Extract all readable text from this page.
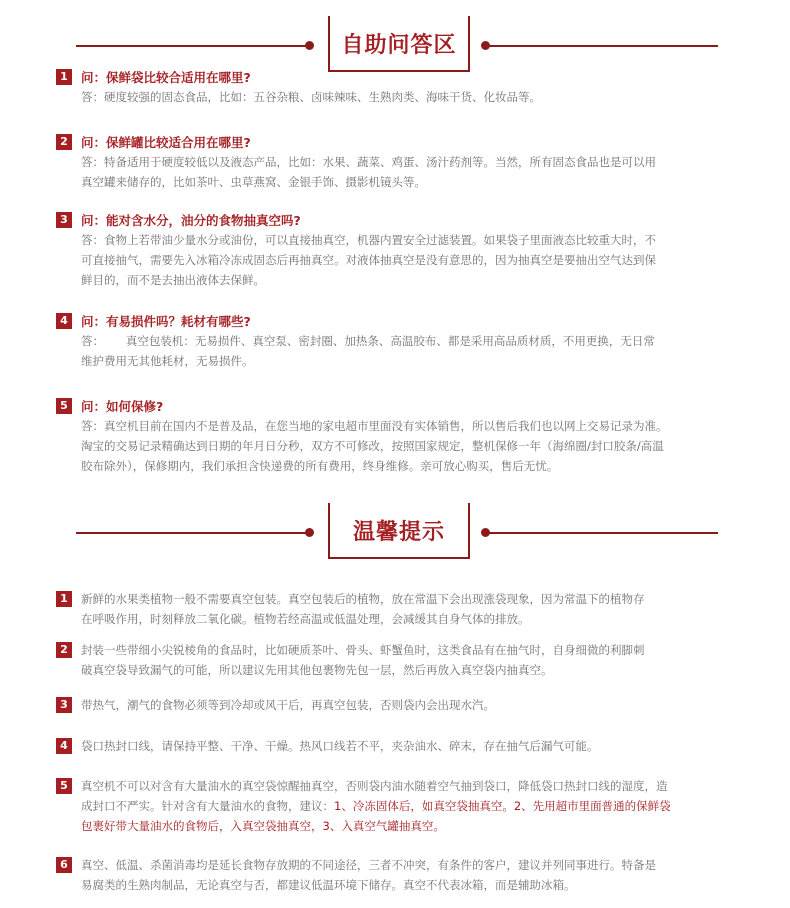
自助问答区
1	问：保鲜袋比较合适用在哪里?
答：硬度较强的固态食品，比如：五谷杂粮、卤味辣味、生熟肉类、海味干货、化妆品等。
2	问：保鲜罐比较适合用在哪里?
答：特备适用于硬度较低以及液态产品，比如：水果、蔬菜、鸡蛋、汤汁药剂等。当然，所有固态食品也是可以用
真空罐来储存的，比如茶叶、虫草燕窝、金银手饰、摄影机镜头等。
3	问：能对含水分，油分的食物抽真空吗?
答：食物上若带油少量水分或油份，可以直接抽真空，机器内置安全过滤装置。如果袋子里面液态比较重大时，不
可直接抽气，需要先入冰箱冷冻成固态后再抽真空。对液体抽真空是没有意思的，因为抽真空是要抽出空气达到保
鲜目的，而不是去抽出液体去保鲜。
4	问：有易损件吗？耗材有哪些?
答：      真空包装机：无易损件、真空泵、密封圈、加热条、高温胶布、都是采用高品质材质，不用更换，无日常
维护费用无其他耗材，无易损件。
5	问：如何保修?
答：真空机目前在国内不是普及品，在您当地的家电超市里面没有实体销售，所以售后我们也以网上交易记录为准。
淘宝的交易记录精确达到日期的年月日分秒，双方不可修改，按照国家规定，整机保修一年（海绵圈/封口胶条/高温
胶布除外），保修期内，我们承担含快递费的所有费用，终身维修。亲可放心购买，售后无忧。
温馨提示
1	新鲜的水果类植物一般不需要真空包装。真空包装后的植物，放在常温下会出现涨袋现象，因为常温下的植物存
在呼吸作用，时刻释放二氧化碳。植物若经高温或低温处理，会减缓其自身气体的排放。
2	封装一些带细小尖锐棱角的食品时，比如硬质茶叶、骨头、虾蟹鱼时，这类食品有在抽气时，自身细微的利脚刺
破真空袋导致漏气的可能，所以建议先用其他包裹物先包一层，然后再放入真空袋内抽真空。
3	带热气，潮气的食物必须等到冷却或风干后，再真空包装，否则袋内会出现水汽。
4	袋口热封口线，请保持平整、干净、干燥。热风口线若不平，夹杂油水、碎末，存在抽气后漏气可能。
5	真空机不可以对含有大量油水的真空袋惊醒抽真空，否则袋内油水随着空气抽到袋口，降低袋口热封口线的湿度，造
成封口不严实。针对含有大量油水的食物，建议：1、冷冻固体后，如真空袋抽真空。2、先用超市里面普通的保鲜袋
包裹好带大量油水的食物后，入真空袋抽真空，3、入真空气罐抽真空。
6	真空、低温、杀菌消毒均是延长食物存放期的不同途径，三者不冲突，有条件的客户，建议并列同事进行。特备是
易腐类的生熟肉制品，无论真空与否，都建议低温环境下储存。真空不代表冰箱，而是辅助冰箱。
